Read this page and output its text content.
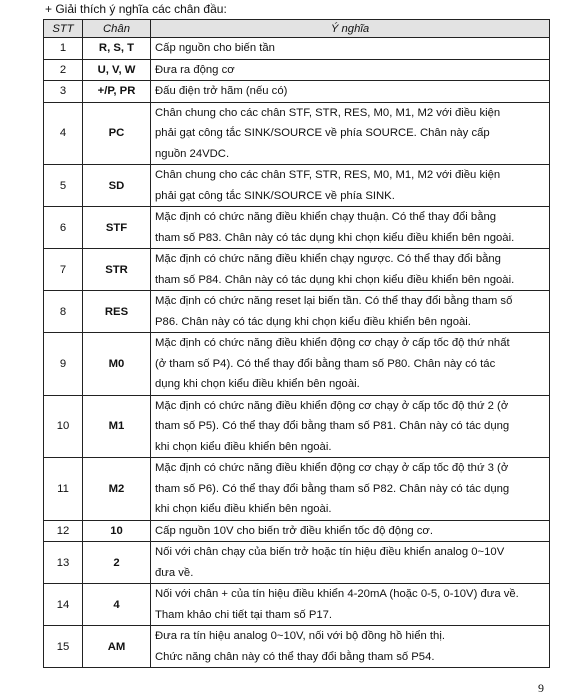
+ Giải thích ý nghĩa các chân đầu:
STT	Chân	Ý nghĩa
1	R, S, T	Cấp nguồn cho biến tần

2	U, V, W	Đưa ra động cơ

3	+/P, PR	Đấu điện trở hãm (nếu có)

4	PC	Chân chung cho các chân STF, STR, RES, M0, M1, M2 với điều kiện
phải gạt công tắc SINK/SOURCE về phía SOURCE. Chân này cấp
nguồn 24VDC.

5	SD	Chân chung cho các chân STF, STR, RES, M0, M1, M2 với điều kiện
phải gạt công tắc SINK/SOURCE về phía SINK.

6	STF	Mặc định có chức năng điều khiển chạy thuận. Có thể thay đổi bằng
tham số P83. Chân này có tác dụng khi chọn kiểu điều khiển bên ngoài.

7	STR	Mặc định có chức năng điều khiển chạy ngược. Có thể thay đổi bằng
tham số P84. Chân này có tác dụng khi chọn kiểu điều khiển bên ngoài.

8	RES	Mặc định có chức năng reset lại biến tần. Có thể thay đổi bằng tham số
P86. Chân này có tác dụng khi chọn kiểu điều khiển bên ngoài.

9	M0	Mặc định có chức năng điều khiển động cơ chạy ở cấp tốc độ thứ nhất
(ở tham số P4). Có thể thay đổi bằng tham số P80. Chân này có tác
dụng khi chọn kiểu điều khiển bên ngoài.

10	M1	Mặc định có chức năng điều khiển động cơ chạy ở cấp tốc độ thứ 2 (ở
tham số P5). Có thể thay đổi bằng tham số P81. Chân này có tác dụng
khi chọn kiểu điều khiển bên ngoài.

11	M2	Mặc định có chức năng điều khiển động cơ chạy ở cấp tốc độ thứ 3 (ở
tham số P6). Có thể thay đổi bằng tham số P82. Chân này có tác dụng
khi chọn kiểu điều khiển bên ngoài.

12	10	Cấp nguồn 10V cho biến trở điều khiển tốc độ động cơ.

13	2	Nối với chân chạy của biến trở hoặc tín hiệu điều khiển analog 0~10V
đưa về.

14	4	Nối với chân + của tín hiệu điều khiển 4-20mA (hoặc 0-5, 0-10V) đưa về.
Tham khảo chi tiết tại tham số P17.

15	AM	Đưa ra tín hiệu analog 0~10V, nối với bộ đồng hồ hiển thị.
Chức năng chân này có thể thay đổi bằng tham số P54.
9
